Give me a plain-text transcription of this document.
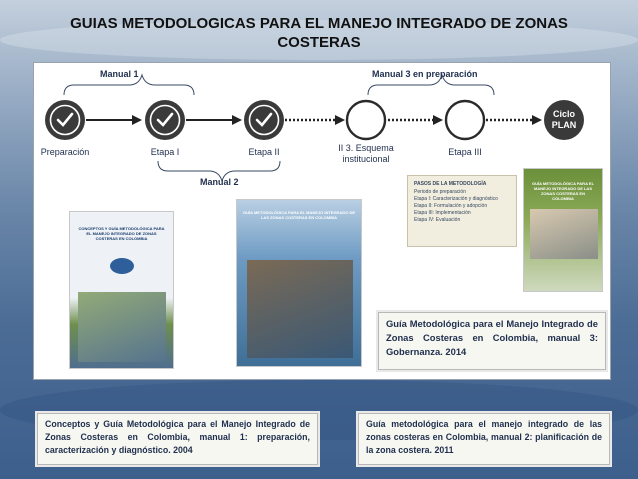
GUIAS METODOLOGICAS PARA EL MANEJO INTEGRADO DE ZONAS COSTERAS
Manual 1	Manual 3 en preparación
Manual 2
Preparación	Etapa I	Etapa II	II 3. Esquema
institucional
Etapa III
Ciclo
PLAN
PASOS DE LA METODOLOGÍA
Periodo de preparación
Etapa I: Caracterización y diagnóstico
Etapa II: Formulación y adopción
Etapa III: Implementación
Etapa IV: Evaluación
CONCEPTOS Y GUÍA METODOLÓGICA PARA EL MANEJO INTEGRADO DE ZONAS COSTERAS EN COLOMBIA
GUÍA METODOLÓGICA PARA EL MANEJO INTEGRADO DE LAS ZONAS COSTERAS EN COLOMBIA
GUÍA METODOLÓGICA PARA EL MANEJO INTEGRADO DE LAS ZONAS COSTERAS EN COLOMBIA
Guía Metodológica para el Manejo Integrado de Zonas Costeras en Colombia, manual 3: Gobernanza. 2014
Conceptos y Guía Metodológica para el Manejo Integrado de Zonas Costeras en Colombia, manual 1: preparación, caracterización y diagnóstico. 2004
Guía metodológica para el manejo integrado de las zonas costeras en Colombia, manual 2: planificación de la zona costera. 2011
